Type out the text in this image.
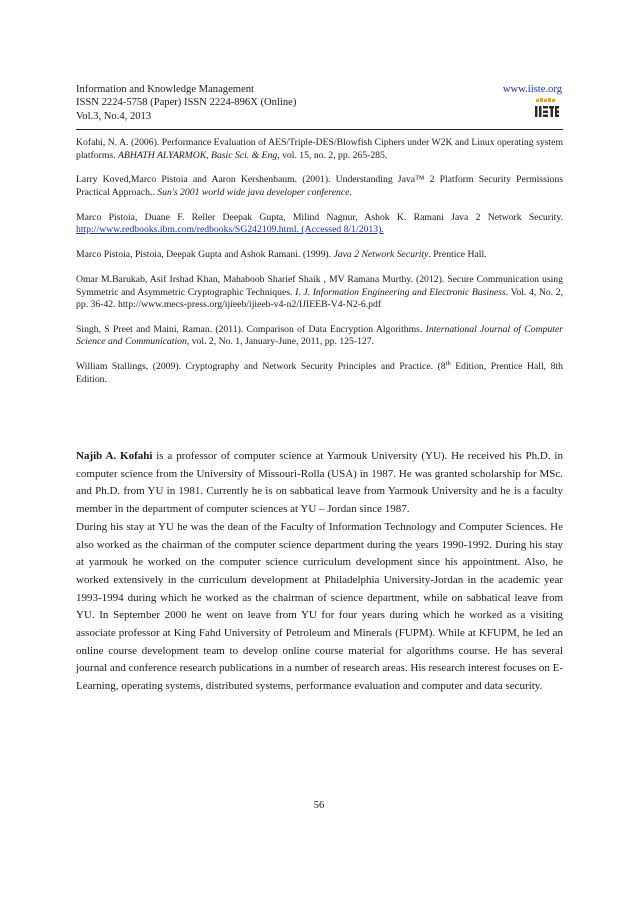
Information and Knowledge Management
ISSN 2224-5758 (Paper) ISSN 2224-896X (Online)
Vol.3, No.4, 2013
www.iiste.org

Kofahi, N. A. (2006). Performance Evaluation of AES/Triple-DES/Blowfish Ciphers under W2K and Linux operating system platforms. ABHATH ALYARMOK, Basic Sci. & Eng, vol. 15, no. 2, pp. 265-285.

Larry Koved,Marco Pistoia and Aaron Kershenbaum. (2001). Understanding Java™ 2 Platform Security Permissions Practical Approach.. Sun's 2001 world wide java developer conference.

Marco Pistoia, Duane F. Reller Deepak Gupta, Milind Nagnur, Ashok K. Ramani Java 2 Network Security. http://www.redbooks.ibm.com/redbooks/SG242109.html. (Accessed 8/1/2013).

Marco Pistoia, Pistoia, Deepak Gupta and Ashok Ramani. (1999). Java 2 Network Security. Prentice Hall.

Omar M.Barukab, Asif Irshad Khan, Mahaboob Sharief Shaik , MV Ramana Murthy. (2012). Secure Communication using Symmetric and Asymmetric Cryptographic Techniques. I. J. Information Engineering and Electronic Business. Vol. 4, No. 2, pp. 36-42. http://www.mecs-press.org/ijieeb/ijieeb-v4-n2/IJIEEB-V4-N2-6.pdf

Singh, S Preet and Maini, Raman. (2011). Comparison of Data Encryption Algorithms. International Journal of Computer Science and Communication, vol. 2, No. 1, January-June, 2011, pp. 125-127.

William Stallings, (2009). Cryptography and Network Security Principles and Practice. (8th Edition, Prentice Hall, 8th Edition.

Najib A. Kofahi is a professor of computer science at Yarmouk University (YU). He received his Ph.D. in computer science from the University of Missouri-Rolla (USA) in 1987. He was granted scholarship for MSc. and Ph.D. from YU in 1981. Currently he is on sabbatical leave from Yarmouk University and he is a faculty member in the department of computer sciences at YU – Jordan since 1987.

During his stay at YU he was the dean of the Faculty of Information Technology and Computer Sciences. He also worked as the chairman of the computer science department during the years 1990-1992. During his stay at yarmouk he worked on the computer science curriculum development since his appointment. Also, he worked extensively in the curriculum development at Philadelphia University-Jordan in the academic year 1993-1994 during which he worked as the chairman of science department, while on sabbatical leave from YU. In September 2000 he went on leave from YU for four years during which he worked as a visiting associate professor at King Fahd University of Petroleum and Minerals (FUPM). While at KFUPM, he led an online course development team to develop online course material for algorithms course. He has several journal and conference research publications in a number of research areas. His research interest focuses on E-Learning, operating systems, distributed systems, performance evaluation and computer and data security.

56
